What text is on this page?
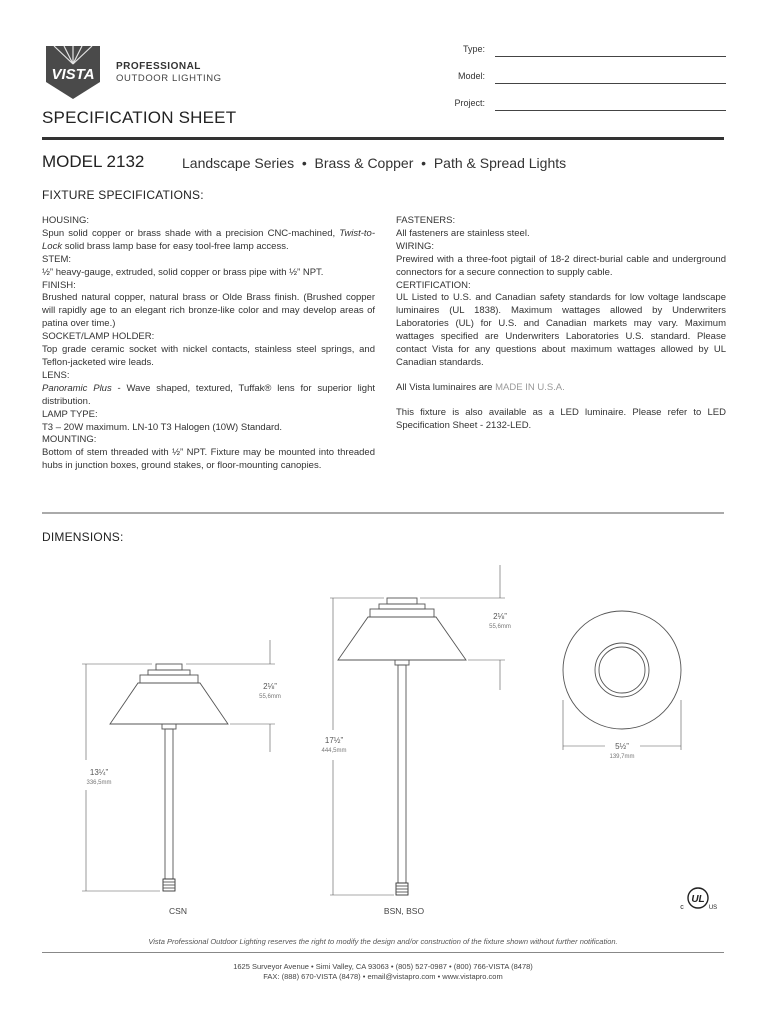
VISTA PROFESSIONAL
OUTDOOR LIGHTING
Type:
Model:
Project:
SPECIFICATION SHEET
MODEL 2132	Landscape Series  •  Brass & Copper  •  Path & Spread Lights
FIXTURE SPECIFICATIONS:
HOUSING:
Spun solid copper or brass shade with a precision CNC-machined, Twist-to-Lock solid brass lamp base for easy tool-free lamp access.
STEM:
½” heavy-gauge, extruded, solid copper or brass pipe with ½” NPT.
FINISH:
Brushed natural copper, natural brass or Olde Brass finish. (Brushed copper will rapidly age to an elegant rich bronze-like color and may develop areas of patina over time.)
SOCKET/LAMP HOLDER:
Top grade ceramic socket with nickel contacts, stainless steel springs, and Teflon-jacketed wire leads.
LENS:
Panoramic Plus - Wave shaped, textured, Tuffak® lens for superior light distribution.
LAMP TYPE:
T3 – 20W maximum. LN-10 T3 Halogen (10W) Standard.
MOUNTING:
Bottom of stem threaded with ½” NPT. Fixture may be mounted into threaded hubs in junction boxes, ground stakes, or floor-mounting canopies.
FASTENERS:
All fasteners are stainless steel.
WIRING:
Prewired with a three-foot pigtail of 18-2 direct-burial cable and underground connectors for a secure connection to supply cable.
CERTIFICATION:
UL Listed to U.S. and Canadian safety standards for low voltage landscape luminaires (UL 1838). Maximum wattages allowed by Underwriters Laboratories (UL) for U.S. and Canadian markets may vary. Maximum wattages specified are Underwriters Laboratories U.S. standard. Please contact Vista for any questions about maximum wattages allowed by UL Canadian standards.
All Vista luminaires are MADE IN U.S.A.
This fixture is also available as a LED luminaire. Please refer to LED Specification Sheet - 2132-LED.
DIMENSIONS:
2⅛”
55,6mm
13¼”
336,5mm
CSN
2⅛”
55,6mm
17½”
444,5mm
BSN, BSO
5½”
139,7mm
UL
c	US
Vista Professional Outdoor Lighting reserves the right to modify the design and/or construction of the fixture shown without further notification.
1625 Surveyor Avenue • Simi Valley, CA 93063 • (805) 527-0987 • (800) 766-VISTA (8478)
FAX: (888) 670-VISTA (8478) • email@vistapro.com • www.vistapro.com
